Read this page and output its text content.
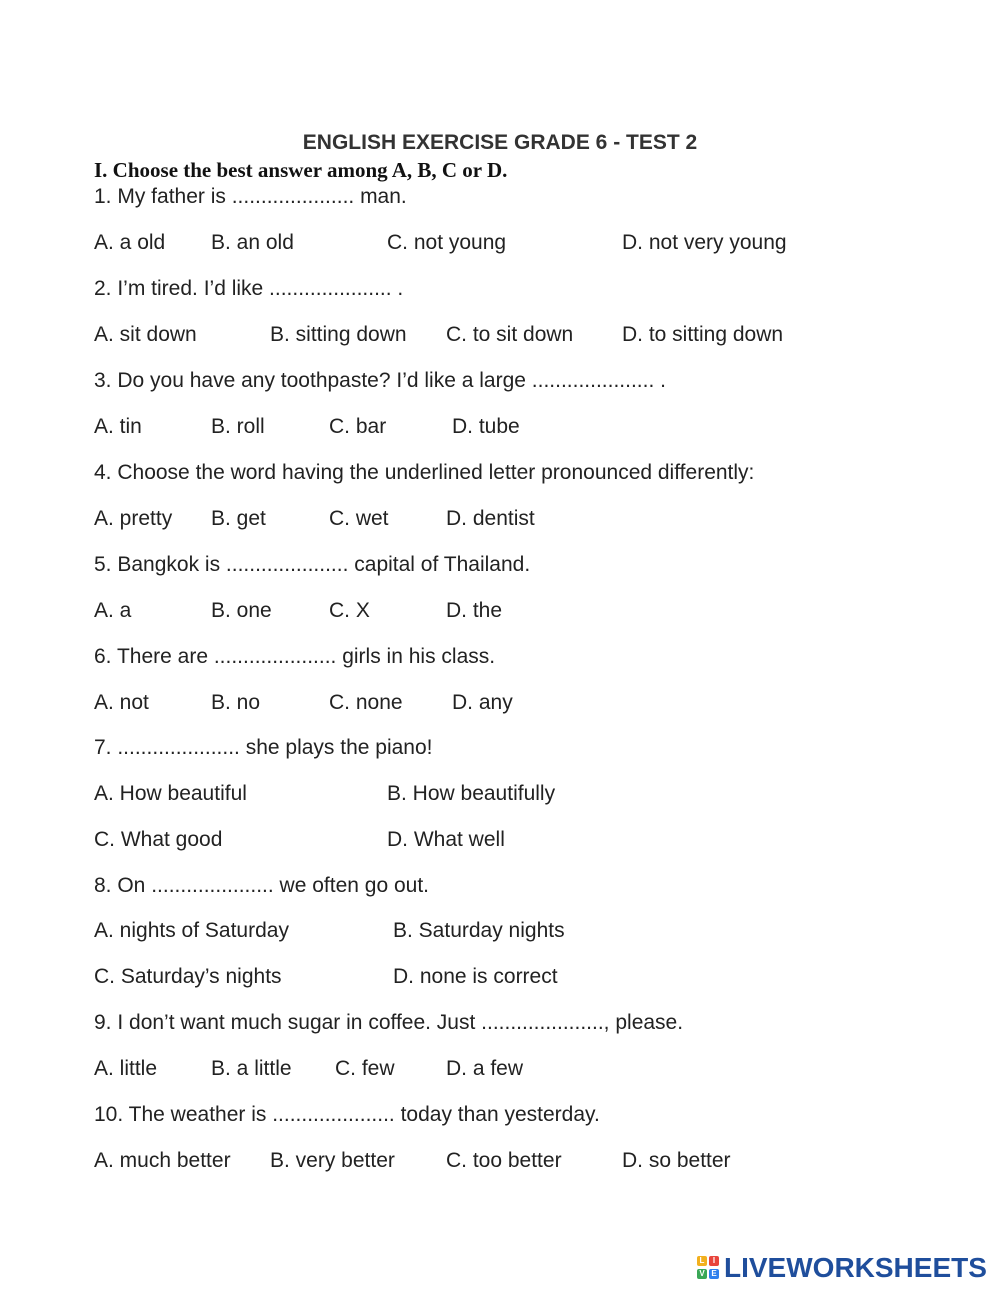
ENGLISH EXERCISE GRADE 6 - TEST 2
I. Choose the best answer among A, B, C or D.
1. My father is ..................... man.
A. a old B. an old	C. not young	D. not very young
2. I’m tired. I’d like ..................... .
A. sit down	B. sitting down C. to sit down D. to sitting down
3. Do you have any toothpaste? I’d like a large ..................... .
A. tin	B. roll	C. bar	D. tube
4. Choose the word having the underlined letter pronounced differently:
A. pretty B. get	C. wet	D. dentist
5. Bangkok is ..................... capital of Thailand.
A. a	B. one	C. X	D. the
6. There are ..................... girls in his class.
A. not	B. no	C. none D. any
7. ..................... she plays the piano!
A. How beautiful	B. How beautifully
C. What good	D. What well
8. On ..................... we often go out.
A. nights of Saturday	B. Saturday nights
C. Saturday’s nights	D. none is correct
9. I don’t want much sugar in coffee. Just ....................., please.
A. little	B. a little C. few D. a few
10. The weather is ..................... today than yesterday.
A. much better B. very better C. too better	D. so better
L	I
V E LIVEWORKSHEETS
